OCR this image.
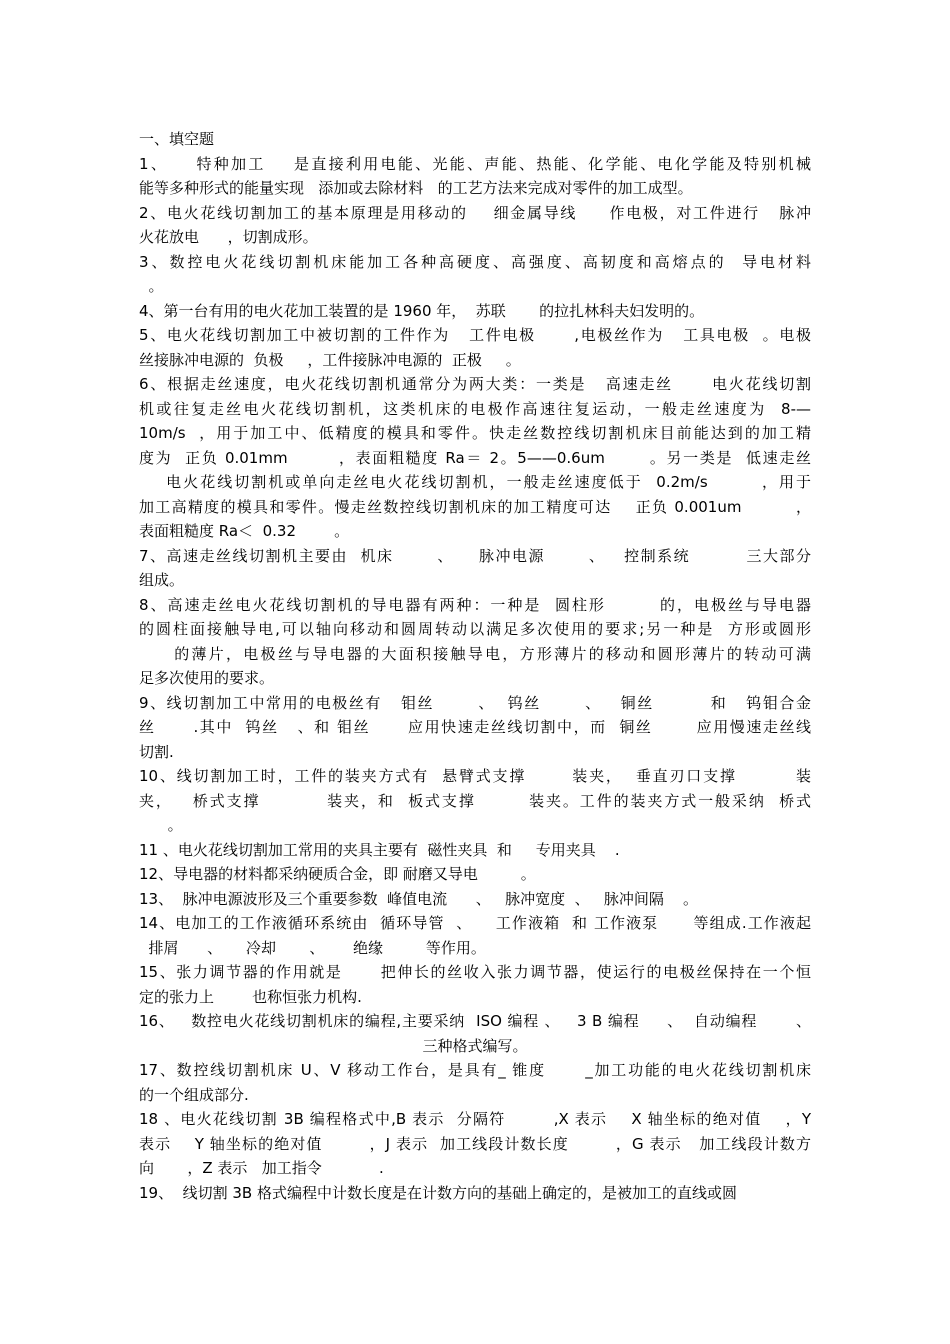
一、填空题
1、    特种加工    是直接利用电能、光能、声能、热能、化学能、电化学能及特别机械
能等多种形式的能量实现   添加或去除材料   的工艺方法来完成对零件的加工成型。
2、电火花线切割加工的基本原理是用移动的    细金属导线     作电极，对工件进行   脉冲
火花放电      ，切割成形。
3、数控电火花线切割机床能加工各种高硬度、高强度、高韧度和高熔点的  导电材料
。
4、第一台有用的电火花加工装置的是 1960 年，  苏联       的拉扎林科夫妇发明的。
5、电火花线切割加工中被切割的工件作为   工件电极      ,电极丝作为   工具电极  。电极
丝接脉冲电源的  负极     ，工件接脉冲电源的  正极     。
6、根据走丝速度，电火花线切割机通常分为两大类：一类是   高速走丝      电火花线切割
机或往复走丝电火花线切割机，这类机床的电极作高速往复运动，一般走丝速度为  8-—
10m/s  ，用于加工中、低精度的模具和零件。快走丝数控线切割机床目前能达到的加工精
度为  正负 0.01mm        ，表面粗糙度 Ra＝ 2。5——0.6um       。另一类是  低速走丝
电火花线切割机或单向走丝电火花线切割机，一般走丝速度低于  0.2m/s        ，用于
加工高精度的模具和零件。慢走丝数控线切割机床的加工精度可达    正负 0.001um         ，
表面粗糙度 Ra＜  0.32        。
7、高速走丝线切割机主要由  机床       、    脉冲电源       、   控制系统         三大部分
组成。
8、高速走丝电火花线切割机的导电器有两种：一种是  圆柱形        的，电极丝与导电器
的圆柱面接触导电,可以轴向移动和圆周转动以满足多次使用的要求;另一种是  方形或圆形
的薄片，电极丝与导电器的大面积接触导电，方形薄片的移动和圆形薄片的转动可满
足多次使用的要求。
9、线切割加工中常用的电极丝有   钼丝       、  钨丝       、   铜丝         和   钨钼合金
丝      .其中  钨丝   、和 钼丝      应用快速走丝线切割中，而  铜丝       应用慢速走丝线
切割.
10、线切割加工时，工件的装夹方式有  悬臂式支撑       装夹，  垂直刃口支撑         装
夹，   桥式支撑          装夹，和  板式支撑        装夹。工件的装夹方式一般采纳  桥式
。
11 、电火花线切割加工常用的夹具主要有  磁性夹具  和     专用夹具    .
12、导电器的材料都采纳硬质合金，即 耐磨又导电         。
13、  脉冲电源波形及三个重要参数  峰值电流      、   脉冲宽度  、   脉冲间隔    。
14、电加工的工作液循环系统由  循环导管  、    工作液箱  和 工作液泵      等组成.工作液起
排屑      、     冷却       、      绝缘         等作用。
15、张力调节器的作用就是      把伸长的丝收入张力调节器，使运行的电极丝保持在一个恒
定的张力上        也称恒张力机构.
16、   数控电火花线切割机床的编程,主要采纳  ISO 编程 、   3 B 编程     、  自动编程       、
三种格式编写。
17、数控线切割机床 U、V 移动工作台，是具有_ 锥度      _加工功能的电火花线切割机床
的一个组成部分.
18 、电火花线切割 3B 编程格式中,B 表示  分隔符        ,X 表示    X 轴坐标的绝对值    ，Y
表示    Y 轴坐标的绝对值        ，J 表示  加工线段计数长度        ，G 表示   加工线段计数方
向       ，Z 表示   加工指令            .
19、  线切割 3B 格式编程中计数长度是在计数方向的基础上确定的，是被加工的直线或圆
